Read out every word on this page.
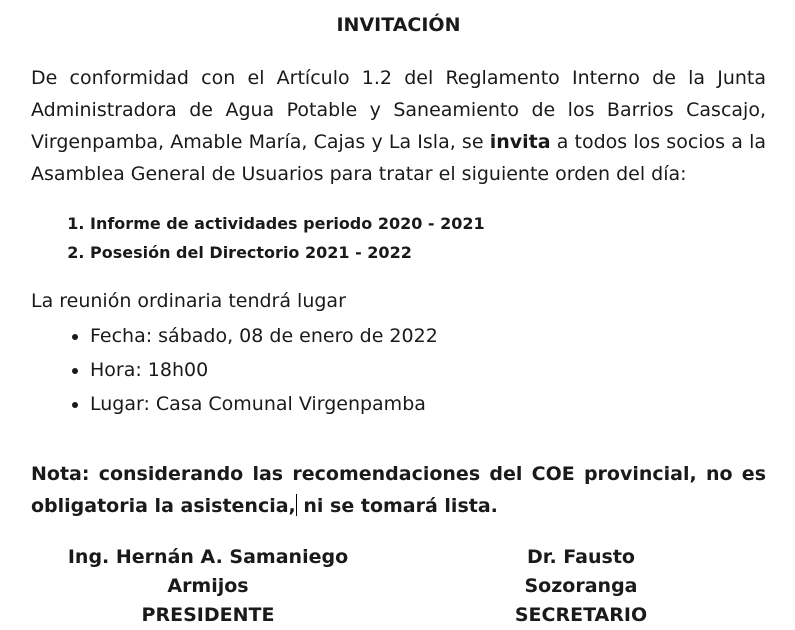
INVITACIÓN

De conformidad con el Artículo 1.2 del Reglamento Interno de la Junta Administradora de Agua Potable y Saneamiento de los Barrios Cascajo, Virgenpamba, Amable María, Cajas y La Isla, se invita a todos los socios a la Asamblea General de Usuarios para tratar el siguiente orden del día:

1. Informe de actividades periodo 2020 - 2021
2. Posesión del Directorio 2021 - 2022
La reunión ordinaria tendrá lugar
• Fecha: sábado, 08 de enero de 2022
• Hora: 18h00
• Lugar: Casa Comunal Virgenpamba

Nota: considerando las recomendaciones del COE provincial, no es obligatoria la asistencia, ni se tomará lista.

Ing. Hernán A. Samaniego Armijos
PRESIDENTE
Dr. Fausto Sozoranga
SECRETARIO
